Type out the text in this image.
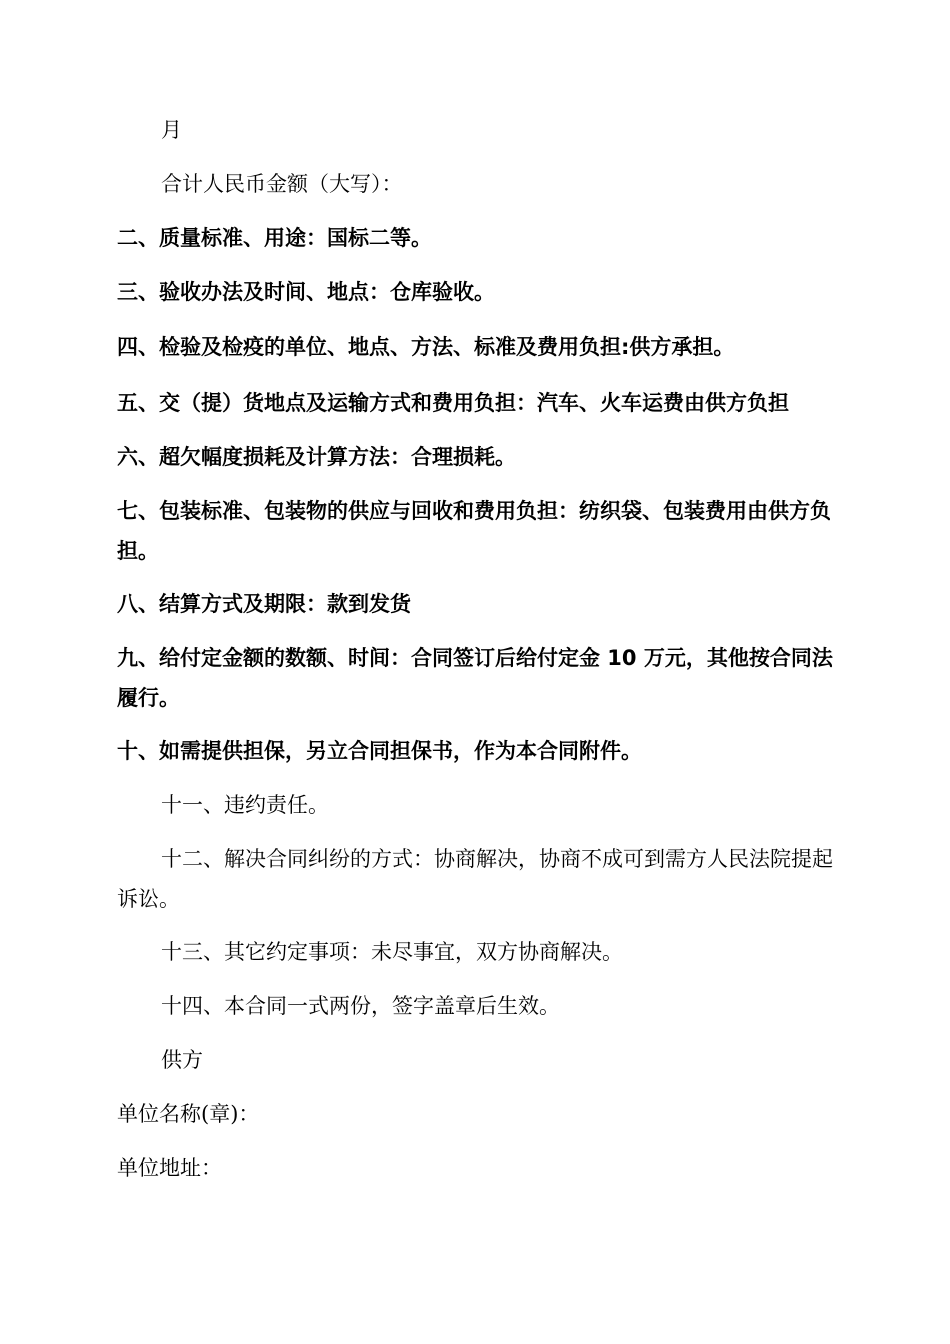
月

合计人民币金额（大写）：

二、质量标准、用途：国标二等。

三、验收办法及时间、地点：仓库验收。

四、检验及检疫的单位、地点、方法、标准及费用负担:供方承担。

五、交（提）货地点及运输方式和费用负担：汽车、火车运费由供方负担

六、超欠幅度损耗及计算方法：合理损耗。

七、包装标准、包装物的供应与回收和费用负担：纺织袋、包装费用由供方负担。

八、结算方式及期限：款到发货

九、给付定金额的数额、时间：合同签订后给付定金 10 万元，其他按合同法履行。

十、如需提供担保，另立合同担保书，作为本合同附件。

十一、违约责任。

十二、解决合同纠纷的方式：协商解决，协商不成可到需方人民法院提起诉讼。

十三、其它约定事项：未尽事宜，双方协商解决。

十四、本合同一式两份，签字盖章后生效。

供方

单位名称(章)：

单位地址：
